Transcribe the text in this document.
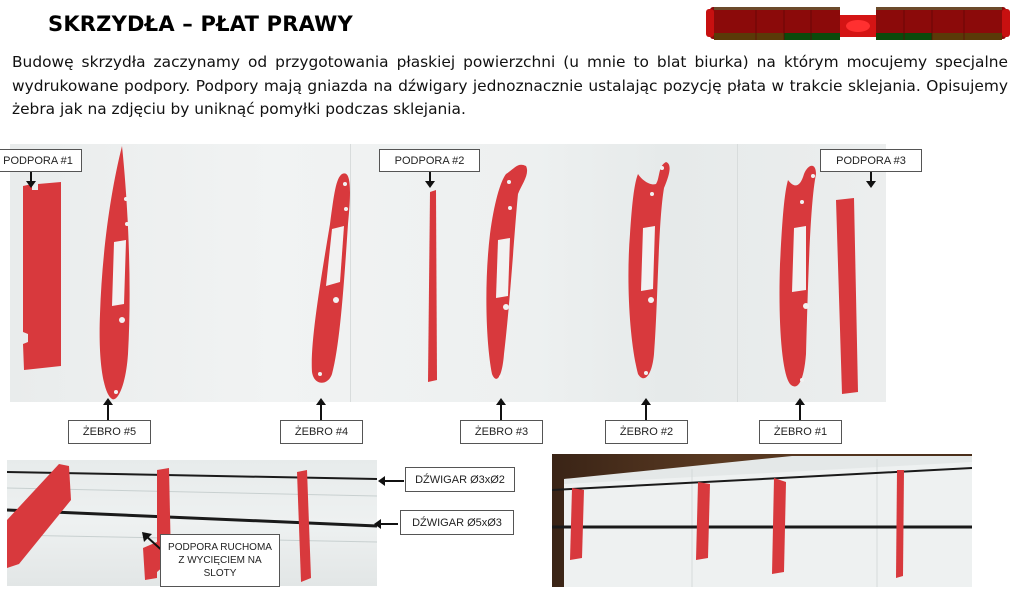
SKRZYDŁA – PŁAT PRAWY
Budowę skrzydła zaczynamy od przygotowania płaskiej powierzchni (u mnie to blat biurka) na którym mocujemy specjalne wydrukowane podpory. Podpory mają gniazda na dźwigary jednoznacznie ustalając pozycję płata w trakcie sklejania. Opisujemy żebra jak na zdjęciu by uniknąć pomyłki podczas sklejania.
PODPORA #1	PODPORA #2	PODPORA #3
ŻEBRO #5	ŻEBRO #4	ŻEBRO #3	ŻEBRO #2	ŻEBRO #1
DŹWIGAR Ø3xØ2
DŹWIGAR Ø5xØ3
PODPORA RUCHOMA
Z WYCIĘCIEM NA
SLOTY
